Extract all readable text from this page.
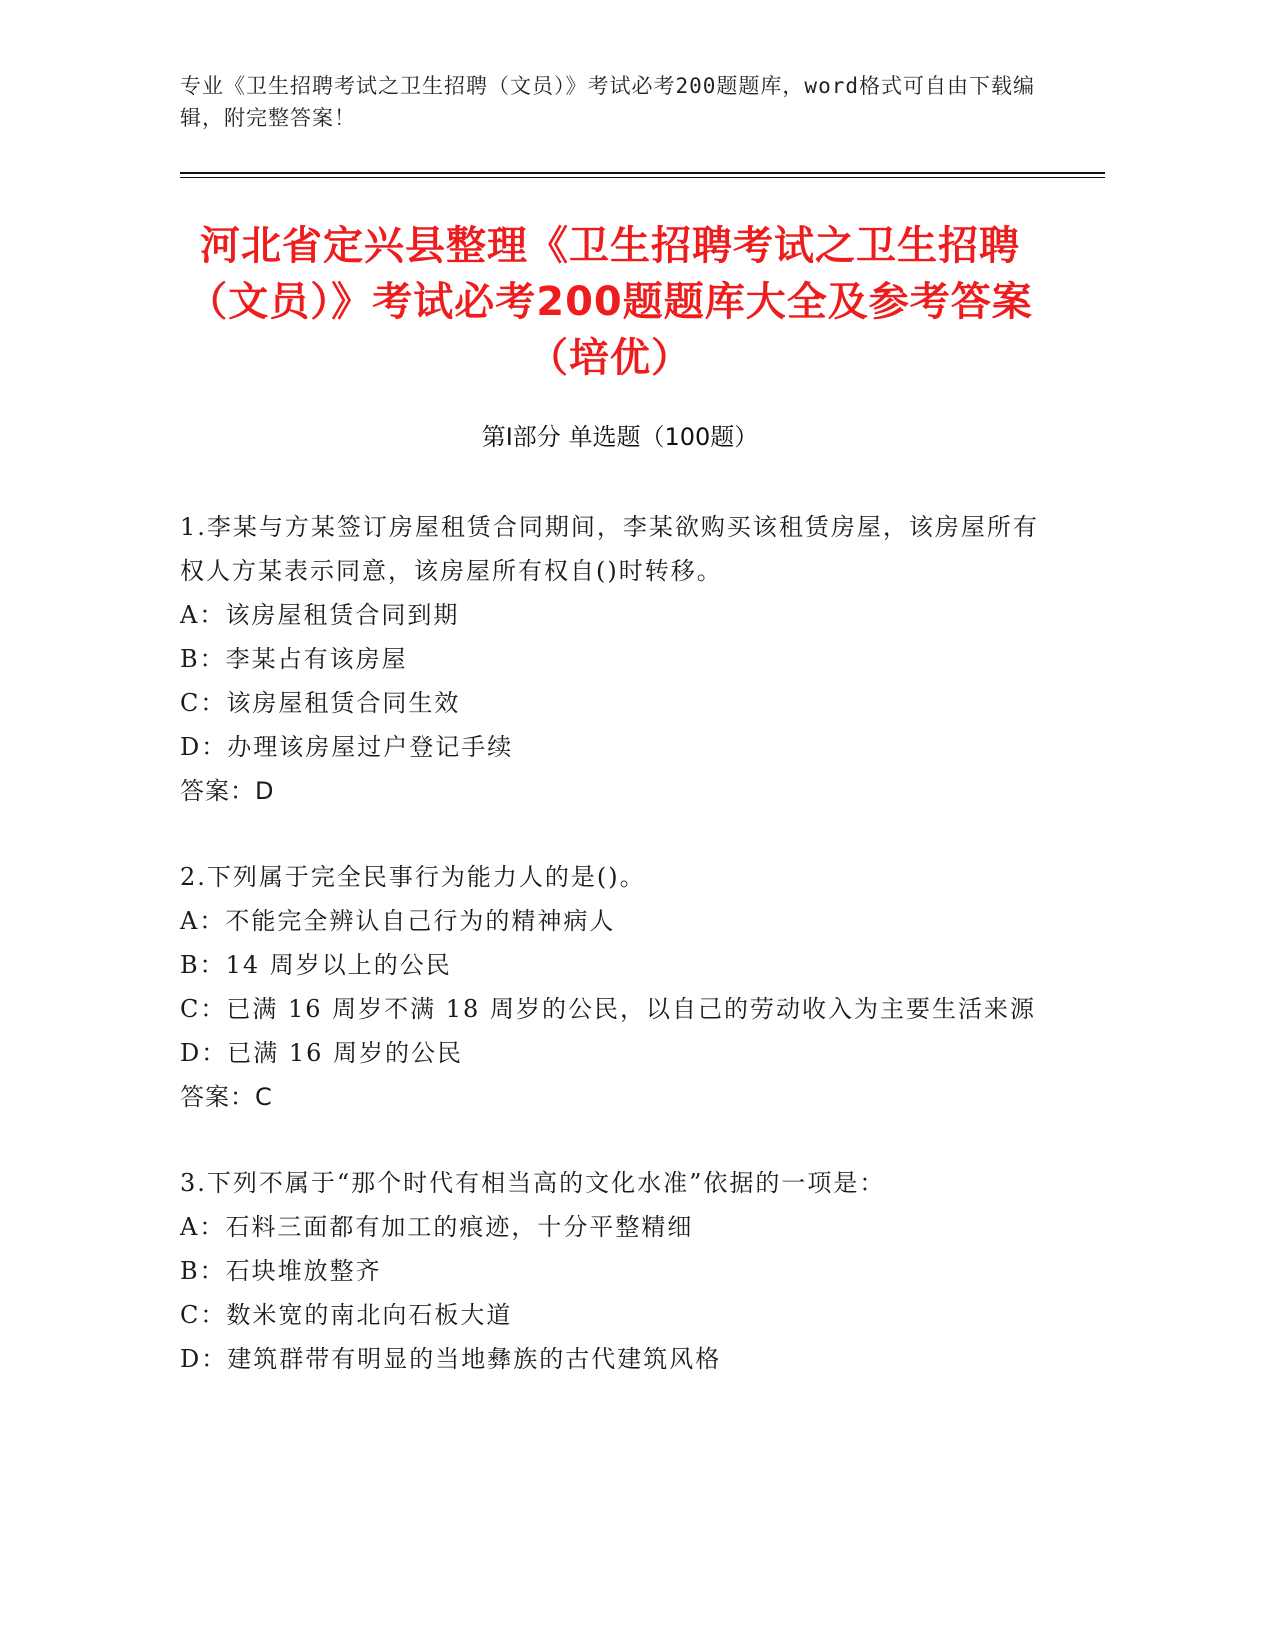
专业《卫生招聘考试之卫生招聘（文员）》考试必考200题题库，word格式可自由下载编辑，附完整答案！
河北省定兴县整理《卫生招聘考试之卫生招聘（文员）》考试必考200题题库大全及参考答案（培优）
第Ⅰ部分 单选题（100题）

1.李某与方某签订房屋租赁合同期间，李某欲购买该租赁房屋，该房屋所有权人方某表示同意，该房屋所有权自()时转移。

A：该房屋租赁合同到期

B：李某占有该房屋

C：该房屋租赁合同生效

D：办理该房屋过户登记手续

答案：D

2.下列属于完全民事行为能力人的是()。

A：不能完全辨认自己行为的精神病人

B：14 周岁以上的公民

C：已满 16 周岁不满 18 周岁的公民，以自己的劳动收入为主要生活来源

D：已满 16 周岁的公民

答案：C

3.下列不属于“那个时代有相当高的文化水准”依据的一项是：

A：石料三面都有加工的痕迹，十分平整精细

B：石块堆放整齐

C：数米宽的南北向石板大道

D：建筑群带有明显的当地彝族的古代建筑风格
